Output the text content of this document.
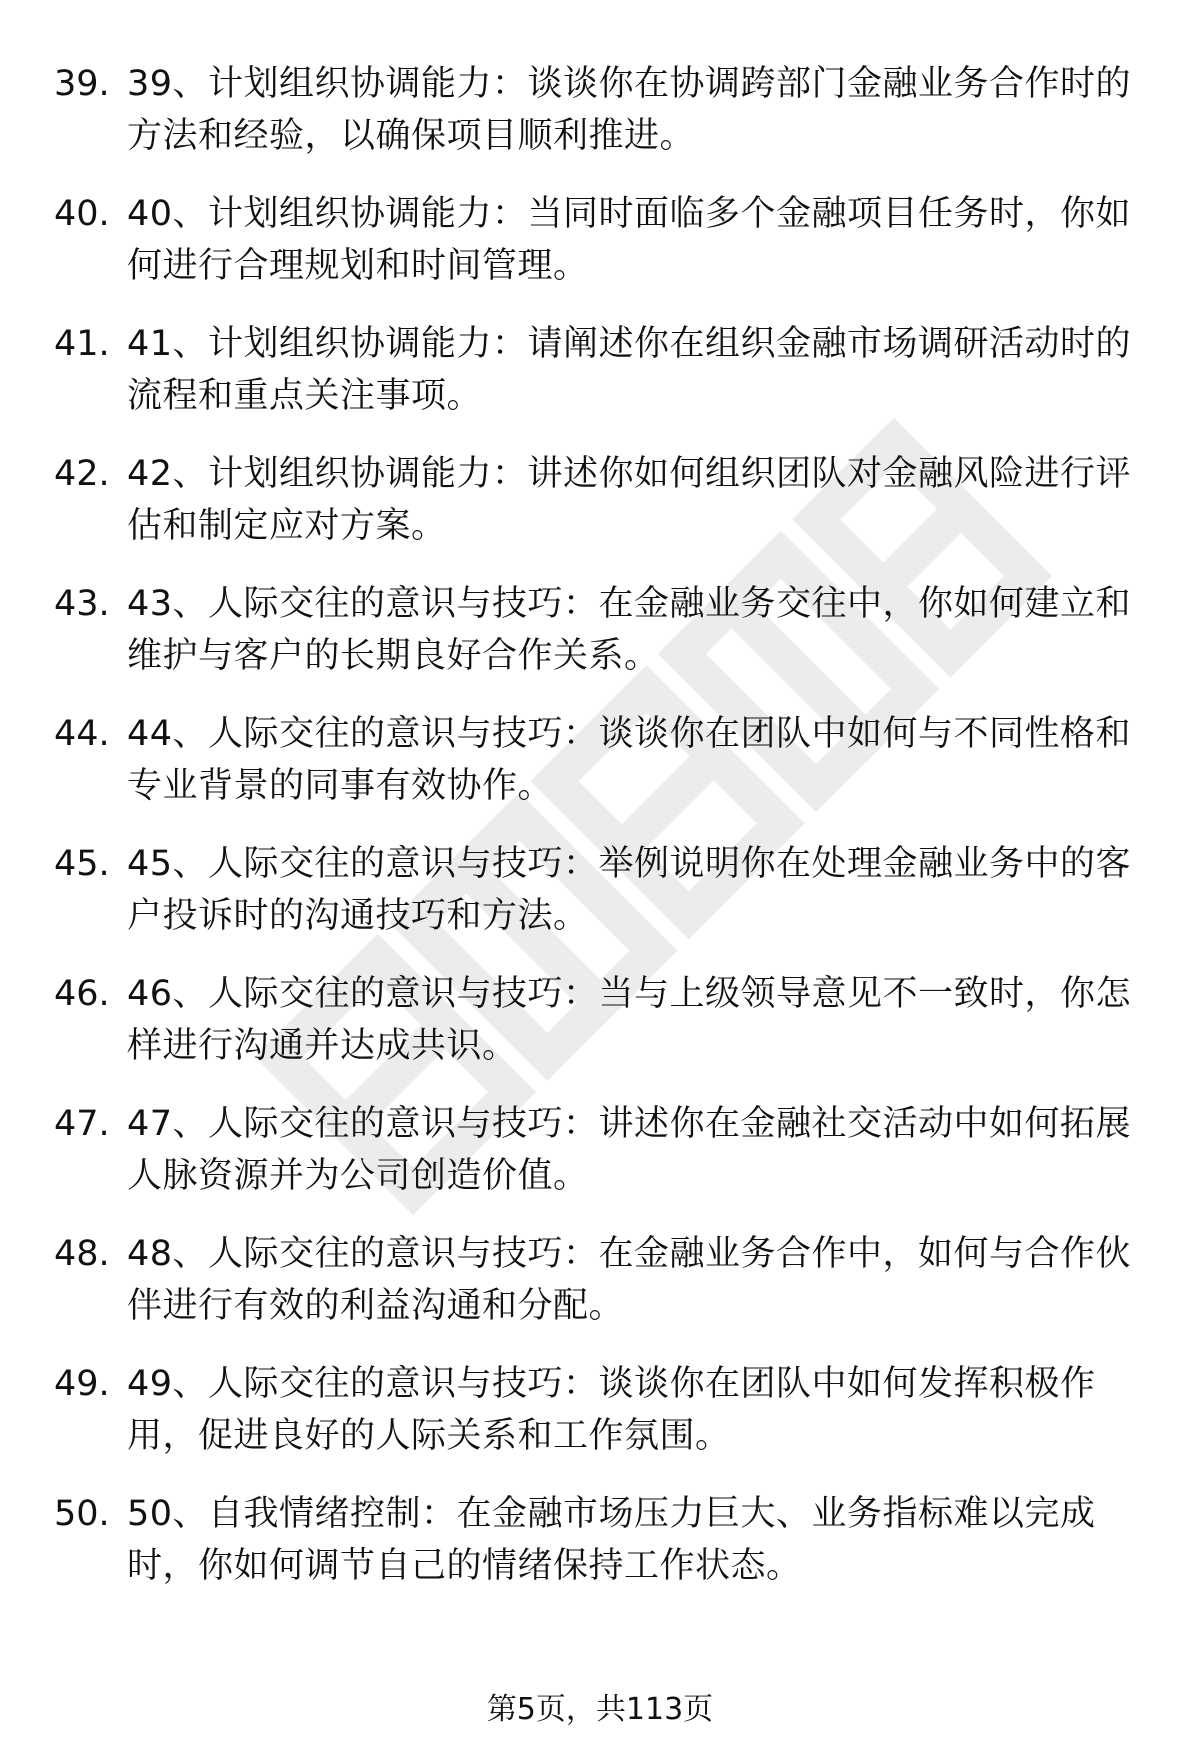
39. 39、计划组织协调能力：谈谈你在协调跨部门金融业务合作时的方法和经验，以确保项目顺利推进。
40. 40、计划组织协调能力：当同时面临多个金融项目任务时，你如何进行合理规划和时间管理。
41. 41、计划组织协调能力：请阐述你在组织金融市场调研活动时的流程和重点关注事项。
42. 42、计划组织协调能力：讲述你如何组织团队对金融风险进行评估和制定应对方案。
43. 43、人际交往的意识与技巧：在金融业务交往中，你如何建立和维护与客户的长期良好合作关系。
44. 44、人际交往的意识与技巧：谈谈你在团队中如何与不同性格和专业背景的同事有效协作。
45. 45、人际交往的意识与技巧：举例说明你在处理金融业务中的客户投诉时的沟通技巧和方法。
46. 46、人际交往的意识与技巧：当与上级领导意见不一致时，你怎样进行沟通并达成共识。
47. 47、人际交往的意识与技巧：讲述你在金融社交活动中如何拓展人脉资源并为公司创造价值。
48. 48、人际交往的意识与技巧：在金融业务合作中，如何与合作伙伴进行有效的利益沟通和分配。
49. 49、人际交往的意识与技巧：谈谈你在团队中如何发挥积极作用，促进良好的人际关系和工作氛围。
50. 50、自我情绪控制：在金融市场压力巨大、业务指标难以完成时，你如何调节自己的情绪保持工作状态。
第5页，共113页
